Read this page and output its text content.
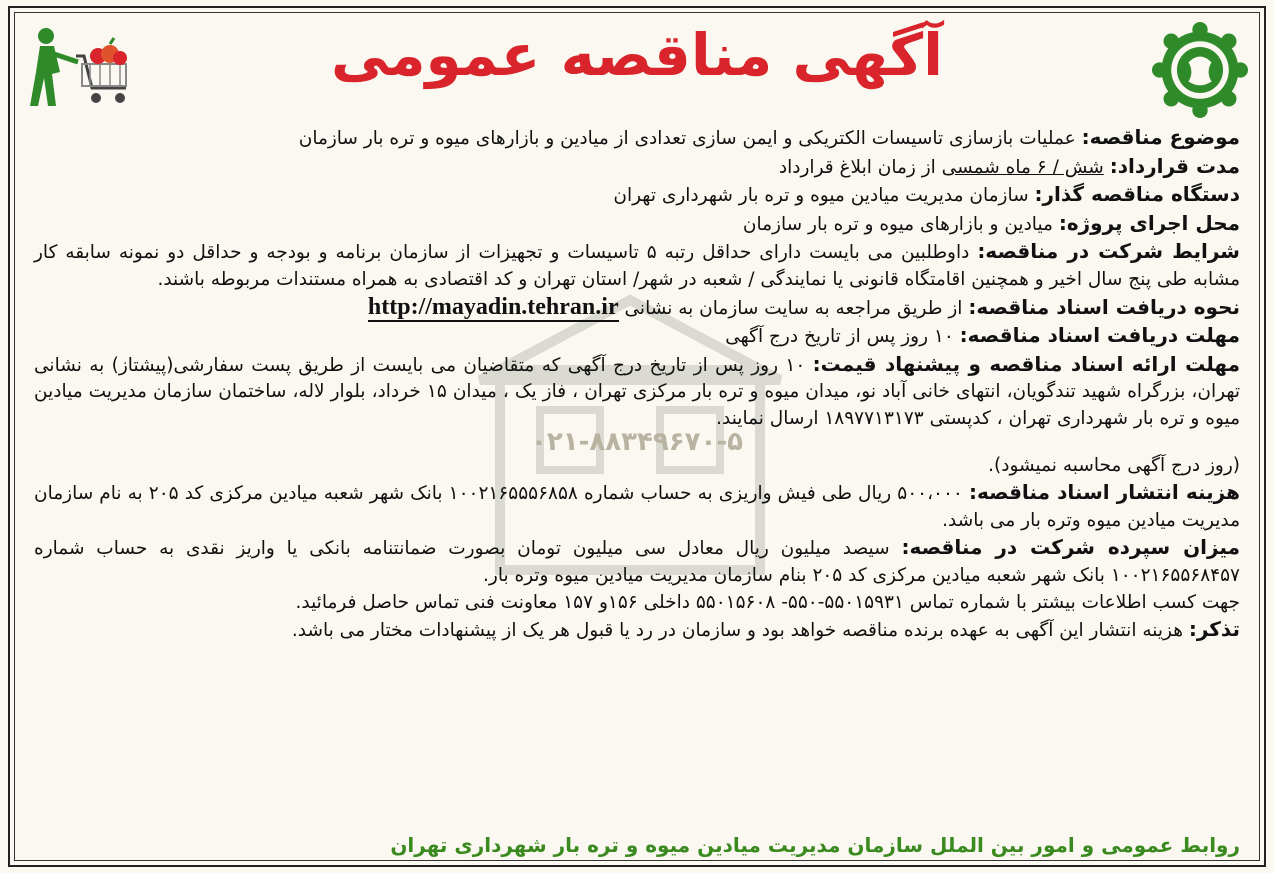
آگهی مناقصه عمومی

موضوع مناقصه: عملیات بازسازی تاسیسات الکتریکی و ایمن سازی تعدادی از میادین و بازارهای میوه و تره بار سازمان

مدت قرارداد: شش / ۶ ماه شمسی از زمان ابلاغ قرارداد

دستگاه مناقصه گذار: سازمان مدیریت میادین میوه و تره بار شهرداری تهران

محل اجرای پروژه: میادین و بازارهای میوه و تره بار سازمان

شرایط شرکت در مناقصه: داوطلبین می بایست دارای حداقل رتبه ۵ تاسیسات و تجهیزات از سازمان برنامه و بودجه و حداقل دو نمونه سابقه کار مشابه طی پنج سال اخیر و همچنین اقامتگاه قانونی یا نمایندگی / شعبه در شهر/ استان تهران و کد اقتصادی به همراه مستندات مربوطه باشند.

نحوه دریافت اسناد مناقصه: از طریق مراجعه به سایت سازمان به نشانی http://mayadin.tehran.ir

مهلت دریافت اسناد مناقصه: ۱۰ روز پس از تاریخ درج آگهی

مهلت ارائه اسناد مناقصه و پیشنهاد قیمت: ۱۰ روز پس از تاریخ درج آگهی که متقاضیان می بایست از طریق پست سفارشی(پیشتاز) به نشانی تهران، بزرگراه شهید تندگویان، انتهای خانی آباد نو، میدان میوه و تره بار مرکزی تهران ، فاز یک ، میدان ۱۵ خرداد، بلوار لاله، ساختمان سازمان مدیریت میادین میوه و تره بار شهرداری تهران ، کدپستی ۱۸۹۷۷۱۳۱۷۳ ارسال نمایند.

۰۲۱-۸۸۳۴۹۶۷۰-۵

(روز درج آگهی محاسبه نمیشود).

هزینه انتشار اسناد مناقصه: ۵۰۰،۰۰۰ ریال طی فیش واریزی به حساب شماره ۱۰۰۲۱۶۵۵۵۶۸۵۸ بانک شهر شعبه میادین مرکزی کد ۲۰۵ به نام سازمان مدیریت میادین میوه وتره بار می باشد.

میزان سپرده شرکت در مناقصه: سیصد میلیون ریال معادل سی میلیون تومان بصورت ضمانتنامه بانکی یا واریز نقدی به حساب شماره ۱۰۰۲۱۶۵۵۶۸۴۵۷ بانک شهر شعبه میادین مرکزی کد ۲۰۵ بنام سازمان مدیریت میادین میوه وتره بار.

جهت کسب اطلاعات بیشتر با شماره تماس ۵۵۰۱۵۹۳۱-۵۵۰- ۵۵۰۱۵۶۰۸ داخلی ۱۵۶و ۱۵۷ معاونت فنی تماس حاصل فرمائید.

تذکر: هزینه انتشار این آگهی به عهده برنده مناقصه خواهد بود و سازمان در رد یا قبول هر یک از پیشنهادات مختار می باشد.

روابط عمومی و امور بین الملل سازمان مدیریت میادین میوه و تره بار شهرداری تهران
